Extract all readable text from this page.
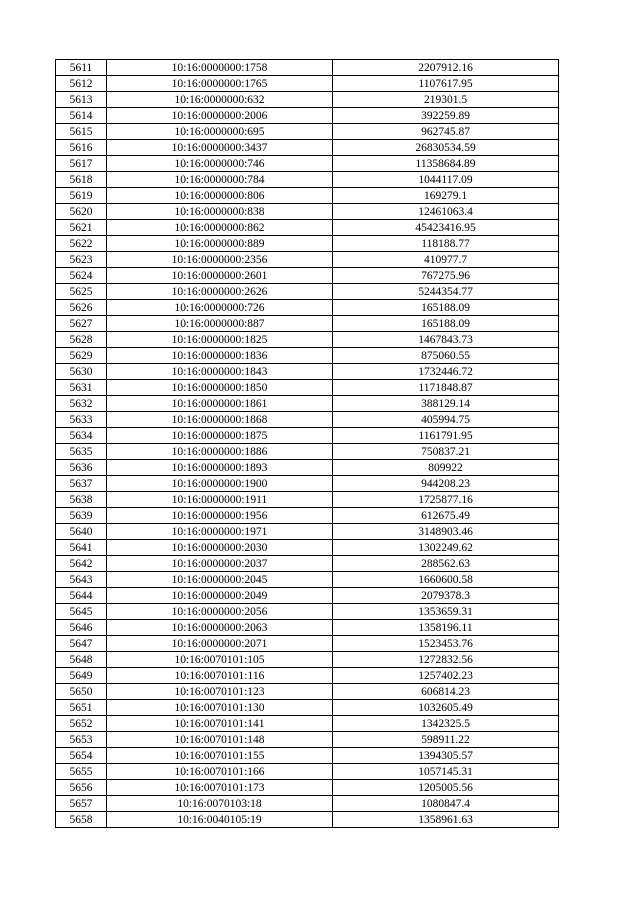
5611	10:16:0000000:1758	2207912.16
5612	10:16:0000000:1765	1107617.95
5613	10:16:0000000:632	219301.5
5614	10:16:0000000:2006	392259.89
5615	10:16:0000000:695	962745.87
5616	10:16:0000000:3437	26830534.59
5617	10:16:0000000:746	11358684.89
5618	10:16:0000000:784	1044117.09
5619	10:16:0000000:806	169279.1
5620	10:16:0000000:838	12461063.4
5621	10:16:0000000:862	45423416.95
5622	10:16:0000000:889	118188.77
5623	10:16:0000000:2356	410977.7
5624	10:16:0000000:2601	767275.96
5625	10:16:0000000:2626	5244354.77
5626	10:16:0000000:726	165188.09
5627	10:16:0000000:887	165188.09
5628	10:16:0000000:1825	1467843.73
5629	10:16:0000000:1836	875060.55
5630	10:16:0000000:1843	1732446.72
5631	10:16:0000000:1850	1171848.87
5632	10:16:0000000:1861	388129.14
5633	10:16:0000000:1868	405994.75
5634	10:16:0000000:1875	1161791.95
5635	10:16:0000000:1886	750837.21
5636	10:16:0000000:1893	809922
5637	10:16:0000000:1900	944208.23
5638	10:16:0000000:1911	1725877.16
5639	10:16:0000000:1956	612675.49
5640	10:16:0000000:1971	3148903.46
5641	10:16:0000000:2030	1302249.62
5642	10:16:0000000:2037	288562.63
5643	10:16:0000000:2045	1660600.58
5644	10:16:0000000:2049	2079378.3
5645	10:16:0000000:2056	1353659.31
5646	10:16:0000000:2063	1358196.11
5647	10:16:0000000:2071	1523453.76
5648	10:16:0070101:105	1272832.56
5649	10:16:0070101:116	1257402.23
5650	10:16:0070101:123	606814.23
5651	10:16:0070101:130	1032605.49
5652	10:16:0070101:141	1342325.5
5653	10:16:0070101:148	598911.22
5654	10:16:0070101:155	1394305.57
5655	10:16:0070101:166	1057145.31
5656	10:16:0070101:173	1205005.56
5657	10:16:0070103:18	1080847.4
5658	10:16:0040105:19	1358961.63
